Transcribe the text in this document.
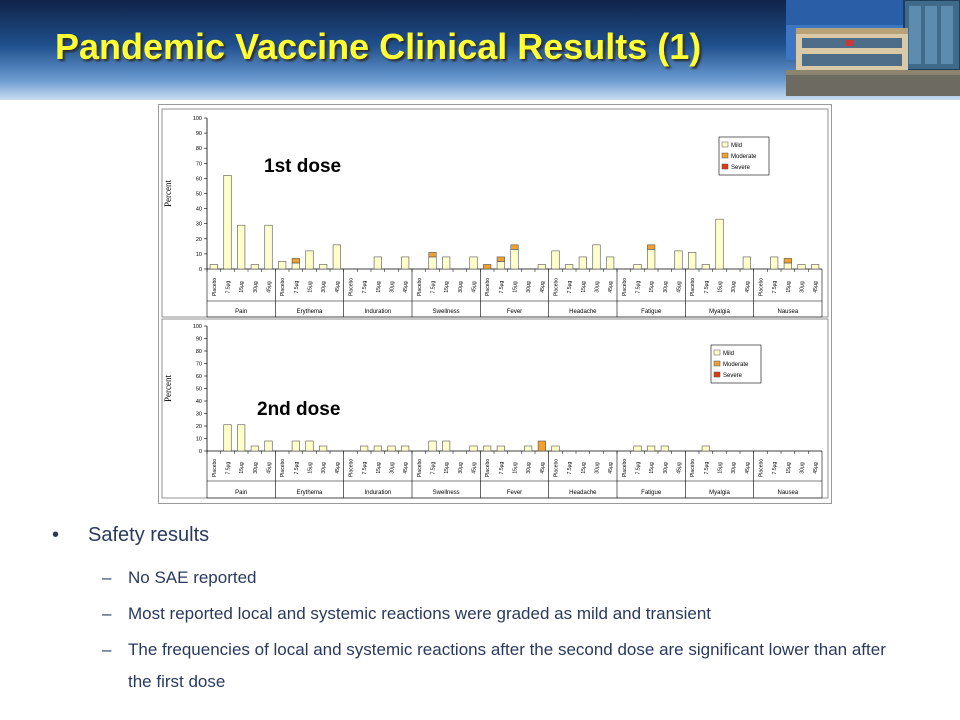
Pandemic Vaccine Clinical Results (1)
0
10
20
30
40
50
60
70
80
90
100
Percent
Pain
Placebo 7.5μg 15μg 30μg 45μg
Erythema
Placebo 7.5μg 15μg 30μg 45μg
Induration
Placebo 7.5μg 15μg 30μg 45μg
Swellness
Placebo 7.5μg 15μg 30μg 45μg
Fever
Placebo 7.5μg 15μg 30μg 45μg
Headache
Placebo 7.5μg 15μg 30μg 45μg
Fatigue
Placebo 7.5μg 15μg 30μg 45μg
Myalgia
Placebo 7.5μg 15μg 30μg 45μg
Nausea
Placebo 7.5μg 15μg 30μg 45μg
1st dose
Mild
Moderate
Severe
0
10
20
30
40
50
60
70
80
90
100
Percent
Pain
Placebo 7.5μg 15μg 30μg 45μg
Erythema
Placebo 7.5μg 15μg 30μg 45μg
Induration
Placebo 7.5μg 15μg 30μg 45μg
Swellness
Placebo 7.5μg 15μg 30μg 45μg
Fever
Placebo 7.5μg 15μg 30μg 45μg
Headache
Placebo 7.5μg 15μg 30μg 45μg
Fatigue
Placebo 7.5μg 15μg 30μg 45μg
Myalgia
Placebo 7.5μg 15μg 30μg 45μg
Nausea
Placebo 7.5μg 15μg 30μg 45μg
2nd dose
Mild
Moderate
Severe
• Safety results
– No SAE reported
– Most reported local and systemic reactions were graded as mild and transient
– The frequencies of local and systemic reactions after the second dose are significant lower than after the first dose
